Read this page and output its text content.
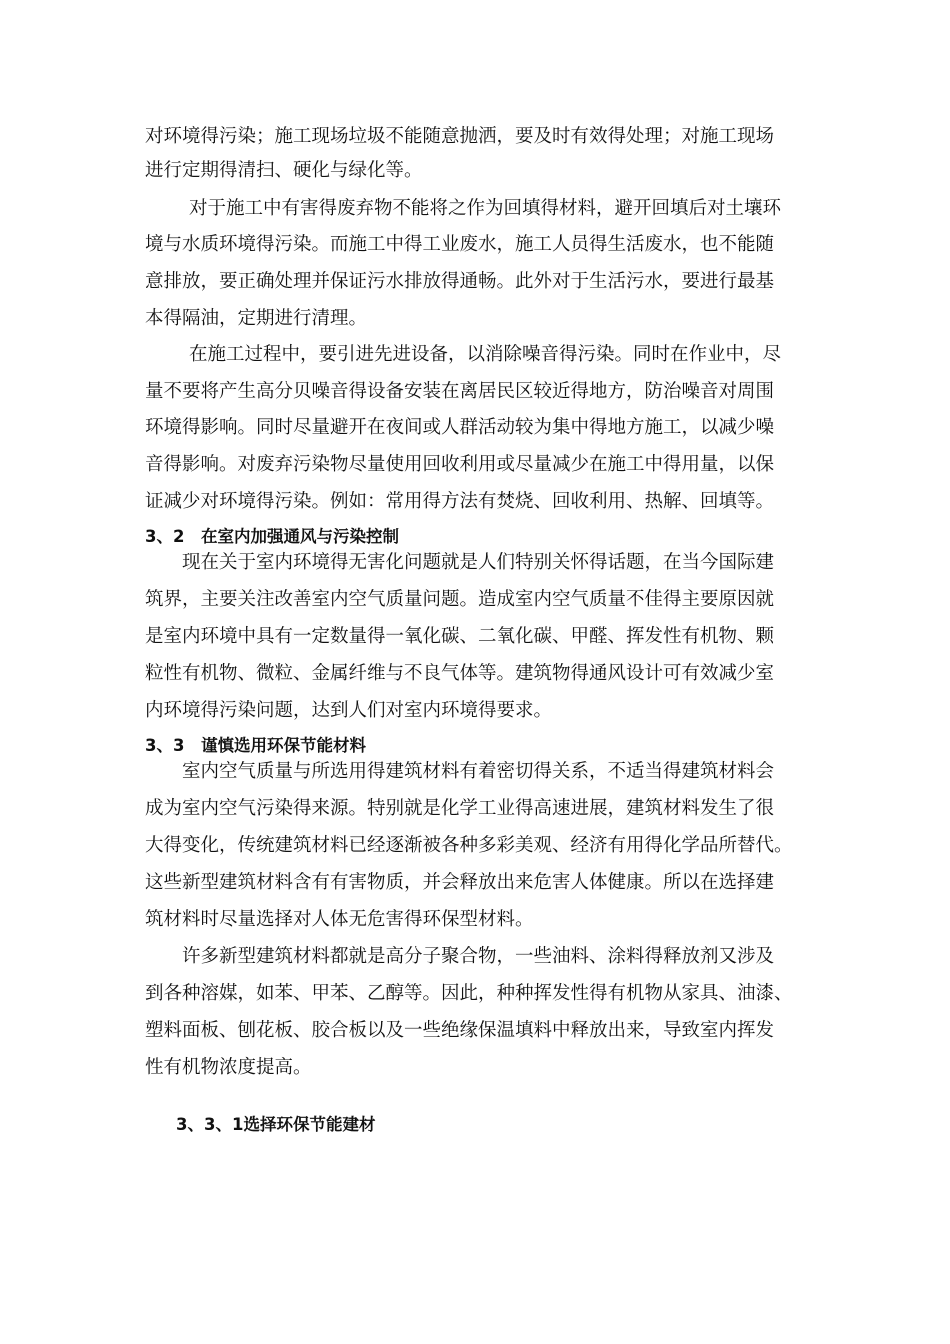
对环境得污染；施工现场垃圾不能随意抛洒，要及时有效得处理；对施工现场
进行定期得清扫、硬化与绿化等。
对于施工中有害得废弃物不能将之作为回填得材料，避开回填后对土壤环
境与水质环境得污染。而施工中得工业废水，施工人员得生活废水，也不能随
意排放，要正确处理并保证污水排放得通畅。此外对于生活污水，要进行最基
本得隔油，定期进行清理。
在施工过程中，要引进先进设备，以消除噪音得污染。同时在作业中，尽
量不要将产生高分贝噪音得设备安装在离居民区较近得地方，防治噪音对周围
环境得影响。同时尽量避开在夜间或人群活动较为集中得地方施工，以减少噪
音得影响。对废弃污染物尽量使用回收利用或尽量减少在施工中得用量，以保
证减少对环境得污染。例如：常用得方法有焚烧、回收利用、热解、回填等。
3、2　在室内加强通风与污染控制
现在关于室内环境得无害化问题就是人们特别关怀得话题，在当今国际建
筑界，主要关注改善室内空气质量问题。造成室内空气质量不佳得主要原因就
是室内环境中具有一定数量得一氧化碳、二氧化碳、甲醛、挥发性有机物、颗
粒性有机物、微粒、金属纤维与不良气体等。建筑物得通风设计可有效减少室
内环境得污染问题，达到人们对室内环境得要求。
3、3　谨慎选用环保节能材料
室内空气质量与所选用得建筑材料有着密切得关系，不适当得建筑材料会
成为室内空气污染得来源。特别就是化学工业得高速进展，建筑材料发生了很
大得变化，传统建筑材料已经逐渐被各种多彩美观、经济有用得化学品所替代。
这些新型建筑材料含有有害物质，并会释放出来危害人体健康。所以在选择建
筑材料时尽量选择对人体无危害得环保型材料。
许多新型建筑材料都就是高分子聚合物，一些油料、涂料得释放剂又涉及
到各种溶媒，如苯、甲苯、乙醇等。因此，种种挥发性得有机物从家具、油漆、
塑料面板、刨花板、胶合板以及一些绝缘保温填料中释放出来，导致室内挥发
性有机物浓度提高。
3、3、1选择环保节能建材
